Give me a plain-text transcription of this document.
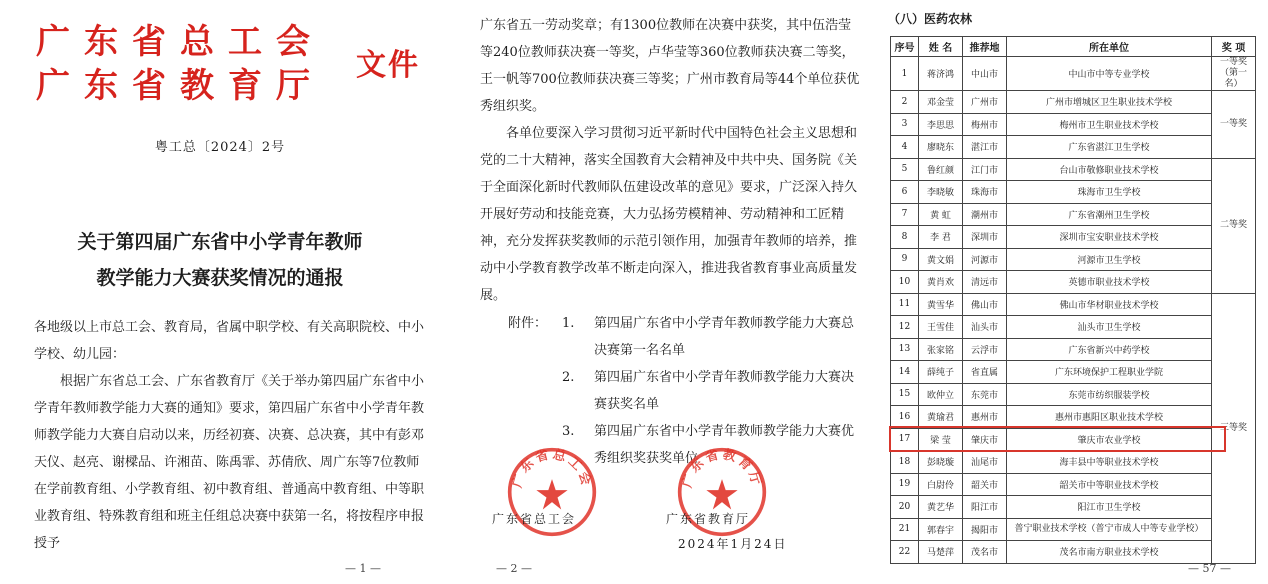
广东省总工会
广东省教育厅
文件
粤工总〔2024〕2号
关于第四届广东省中小学青年教师
教学能力大赛获奖情况的通报

各地级以上市总工会、教育局，省属中职学校、有关高职院校、中小学校、幼儿园：

根据广东省总工会、广东省教育厅《关于举办第四届广东省中小学青年教师教学能力大赛的通知》要求，第四届广东省中小学青年教师教学能力大赛自启动以来，历经初赛、决赛、总决赛，其中有彭邓天仪、赵亮、谢樑品、许湘苗、陈禹霏、苏倩欣、周广东等7位教师在学前教育组、小学教育组、初中教育组、普通高中教育组、中等职业教育组、特殊教育组和班主任组总决赛中获第一名，将按程序申报授予

— 1 —

广东省五一劳动奖章；有1300位教师在决赛中获奖，其中伍浩莹等240位教师获决赛一等奖，卢华莹等360位教师获决赛二等奖，王一帆等700位教师获决赛三等奖；广州市教育局等44个单位获优秀组织奖。

各单位要深入学习贯彻习近平新时代中国特色社会主义思想和党的二十大精神，落实全国教育大会精神及中共中央、国务院《关于全面深化新时代教师队伍建设改革的意见》要求，广泛深入持久开展好劳动和技能竞赛，大力弘扬劳模精神、劳动精神和工匠精神，充分发挥获奖教师的示范引领作用，加强青年教师的培养，推动中小学教育教学改革不断走向深入，推进我省教育事业高质量发展。

附件：	1.	第四届广东省中小学青年教师教学能力大赛总决赛第一名名单
2.	第四届广东省中小学青年教师教学能力大赛决赛获奖名单
3.	第四届广东省中小学青年教师教学能力大赛优秀组织奖获奖单位
广东省总工会	广东省教育厅
广东省总工会	广东省教育厅
2024年1月24日
— 2 —
（八）医药农林
序号	姓 名	推荐地	所在单位	奖 项
1	蒋济鸿	中山市	中山市中等专业学校	一等奖（第一名）
2	邓金莹	广州市	广州市增城区卫生职业技术学校	一等奖
3	李思思	梅州市	梅州市卫生职业技术学校	
4	廖晓东	湛江市	广东省湛江卫生学校	
5	鲁红颜	江门市	台山市敬修职业技术学校	二等奖
6	李晓敏	珠海市	珠海市卫生学校	
7	黄 虹	潮州市	广东省潮州卫生学校	
8	李 君	深圳市	深圳市宝安职业技术学校	
9	黄文娟	河源市	河源市卫生学校	
10	黄肖欢	清远市	英德市职业技术学校	
11	黄雪华	佛山市	佛山市华材职业技术学校	三等奖
12	王雪佳	汕头市	汕头市卫生学校	
13	张家铭	云浮市	广东省新兴中药学校	
14	薛纯子	省直属	广东环境保护工程职业学院	
15	欧仲立	东莞市	东莞市纺织服装学校	
16	黄瑜君	惠州市	惠州市惠阳区职业技术学校	
17	梁 莹	肇庆市	肇庆市农业学校	
18	彭晓璇	汕尾市	海丰县中等职业技术学校	
19	白尉伶	韶关市	韶关市中等职业技术学校	
20	黄艺华	阳江市	阳江市卫生学校	
21	郭春宇	揭阳市	普宁职业技术学校（普宁市成人中等专业学校）	
22	马楚萍	茂名市	茂名市南方职业技术学校	
— 57 —
